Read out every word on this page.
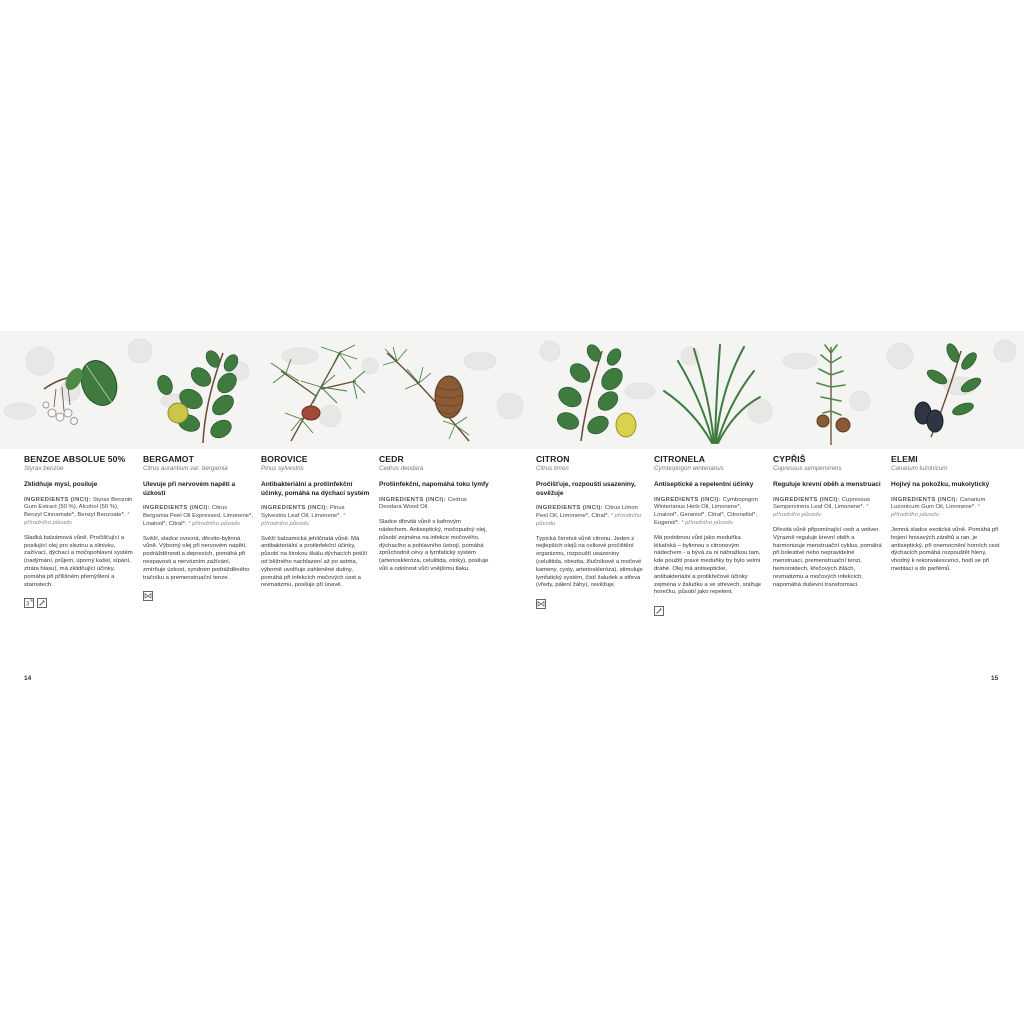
BENZOE ABSOLUE 50%
Styrax benzoe
Zklidňuje mysl, posiluje
INGREDIENTS (INCI): Styrax Benzoin Gum Extract (50 %), Alcohol (50 %), Benzyl Cinnamate*, Benzyl Benzoate*. * přírodního původu
Sladká balzámová vůně. Pročišťující a posilující olej pro slezinu a slinivku, zažívací, dýchací a močopohlavní systém (nadýmání, průjem, úporný kašel, sípání, ztráta hlasu), má zklidňující účinky, pomáhá při přílišném přemýšlení a starostech.
3
BERGAMOT
Citrus aurantium var. bergamia
Ulevuje při nervovém napětí a úzkosti
INGREDIENTS (INCI): Citrus Bergamia Peel Oil Expressed, Limonene*, Linalool*, Citral*. * přírodního původu
Svěží, sladce ovocná, dřevito-bylinná vůně. Výborný olej při nervovém napětí, podrážděnosti a depresích, pomáhá při nespavosti a nervózním zažívání, zmírňuje úzkost, syndrom podrážděného tračníku a premenstruační tenze.
BOROVICE
Pinus sylvestris
Antibakteriální a protiinfekční účinky, pomáhá na dýchací systém
INGREDIENTS (INCI): Pinus Sylvestris Leaf Oil, Limonene*. * přírodního původu
Svěží balzamická jehličnatá vůně. Má antibakteriální a protiinfekční účinky, působí na širokou škálu dýchacích potíží od běžného nachlazení až po astma, výborně uvolňuje zahleněné dutiny, pomáhá při infekcích močových cest a revmatizmu, posiluje při únavě.
CEDR
Cedrus deodara
Protiinfekční, napomáhá toku lymfy
INGREDIENTS (INCI): Cedrus Deodara Wood Oil.
Sladce dřevitá vůně s kafrovým nádechem. Antiseptický, močopudný olej, působí zejména na infekce močového, dýchacího a pohlavního ústrojí, pomáhá zprůchodnit cévy a lymfatický systém (arterioskleróza, celulitida, otoky), posiluje vůli a odolnost vůči vnějšímu tlaku.
CITRON
Citrus limon
Pročišťuje, rozpouští usazeniny, osvěžuje
INGREDIENTS (INCI): Citrus Limon Peel Oil, Limonene*, Citral*. * přírodního původu
Typická čerstvá vůně citronu. Jeden z nejlepších olejů na celkové pročištění organizmu, rozpouští usazeniny (celulitida, obezita, žlučníkové a močové kameny, cysty, arterioskleróza), stimuluje lymfatický systém, čistí žaludek a střeva (vředy, pálení žáhy), osvěžuje.
CITRONELA
Cymbopogon winterianus
Antiseptické a repelentní účinky
INGREDIENTS (INCI): Cymbopogon Winterianus Herb Oil, Limonene*, Linalool*, Geraniol*, Citral*, Citronellol*, Eugenol*. * přírodního původu
Má podobnou vůni jako meduňka lékařská – bylinnou s citronovým nádechem - a bývá za ni náhražkou tam, kde použití pravé meduňky by bylo velmi drahé. Olej má antiseptické, antibakteriální a protikřečové účinky zejména v žaludku a ve střevech, snižuje horečku, působí jako repelent.
CYPŘIŠ
Cupressus sempervirens
Reguluje krevní oběh a menstruaci
INGREDIENTS (INCI): Cupressus Sempervirens Leaf Oil, Limonene*. * přírodního původu
Dřevitá vůně připomínající cedr a vetiver. Výrazně reguluje krevní oběh a harmonizuje menstruační cyklus, pomáhá při bolestivé nebo nepravidelné menstruaci, premenstruační tenzi, hemoroidech, křečových žilách, revmatizmu a močových infekcích, napomáhá duševní transformaci.
ELEMI
Canarium luzonicum
Hojivý na pokožku, mukolytický
INGREDIENTS (INCI): Canarium Luzonicum Gum Oil, Limonene*. * přírodního původu
Jemná sladce exotická vůně. Pomáhá při hojení hnisavých zánětů a ran, je antiseptický, při onemocnění horních cest dýchacích pomáhá rozpouštět hleny, vhodný k rekonvalescenci, hodí se při meditaci a do parfémů.
14	15
